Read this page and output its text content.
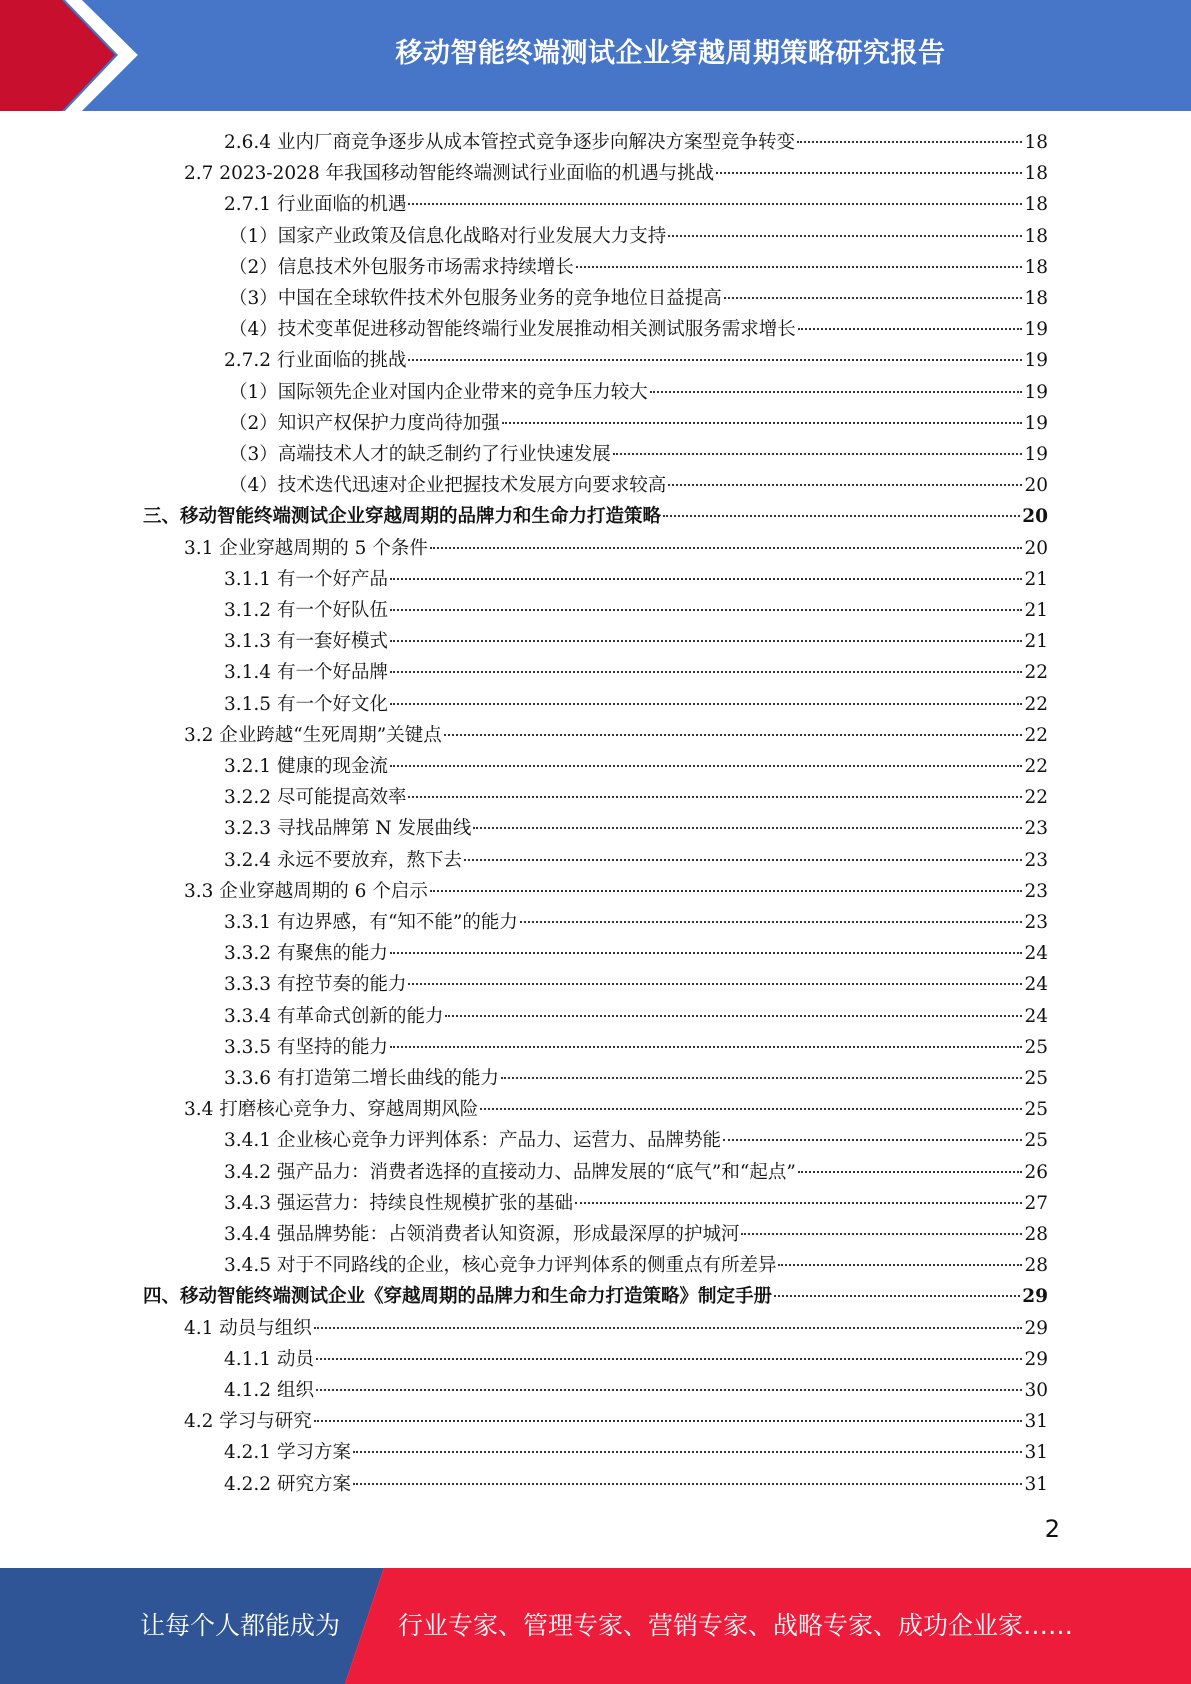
移动智能终端测试企业穿越周期策略研究报告
2.6.4 业内厂商竞争逐步从成本管控式竞争逐步向解决方案型竞争转变	18
2.7 2023-2028 年我国移动智能终端测试行业面临的机遇与挑战	18
2.7.1 行业面临的机遇	18
（1）国家产业政策及信息化战略对行业发展大力支持	18
（2）信息技术外包服务市场需求持续增长	18
（3）中国在全球软件技术外包服务业务的竞争地位日益提高	18
（4）技术变革促进移动智能终端行业发展推动相关测试服务需求增长	19
2.7.2 行业面临的挑战	19
（1）国际领先企业对国内企业带来的竞争压力较大	19
（2）知识产权保护力度尚待加强	19
（3）高端技术人才的缺乏制约了行业快速发展	19
（4）技术迭代迅速对企业把握技术发展方向要求较高	20
三、移动智能终端测试企业穿越周期的品牌力和生命力打造策略	20
3.1 企业穿越周期的 5 个条件	20
3.1.1 有一个好产品	21
3.1.2 有一个好队伍	21
3.1.3 有一套好模式	21
3.1.4 有一个好品牌	22
3.1.5 有一个好文化	22
3.2 企业跨越“生死周期”关键点	22
3.2.1 健康的现金流	22
3.2.2 尽可能提高效率	22
3.2.3 寻找品牌第 N 发展曲线	23
3.2.4 永远不要放弃，熬下去	23
3.3 企业穿越周期的 6 个启示	23
3.3.1 有边界感，有“知不能”的能力	23
3.3.2 有聚焦的能力	24
3.3.3 有控节奏的能力	24
3.3.4 有革命式创新的能力	24
3.3.5 有坚持的能力	25
3.3.6 有打造第二增长曲线的能力	25
3.4 打磨核心竞争力、穿越周期风险	25
3.4.1 企业核心竞争力评判体系：产品力、运营力、品牌势能	25
3.4.2 强产品力：消费者选择的直接动力、品牌发展的“底气”和“起点”	26
3.4.3 强运营力：持续良性规模扩张的基础	27
3.4.4 强品牌势能：占领消费者认知资源，形成最深厚的护城河	28
3.4.5 对于不同路线的企业，核心竞争力评判体系的侧重点有所差异	28
四、移动智能终端测试企业《穿越周期的品牌力和生命力打造策略》制定手册	29
4.1 动员与组织	29
4.1.1 动员	29
4.1.2 组织	30
4.2 学习与研究	31
4.2.1 学习方案	31
4.2.2 研究方案	31
2
让每个人都能成为 行业专家、管理专家、营销专家、战略专家、成功企业家……
